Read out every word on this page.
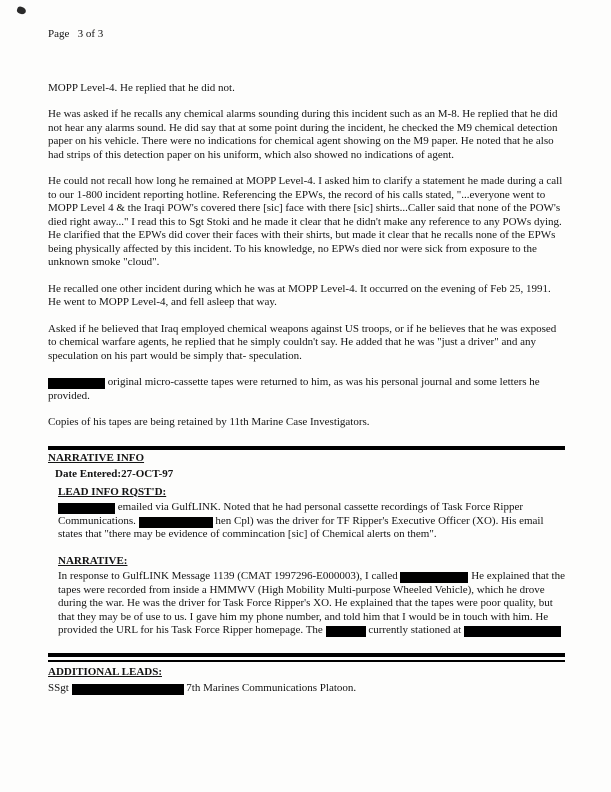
Page   3 of 3

MOPP Level-4. He replied that he did not.

He was asked if he recalls any chemical alarms sounding during this incident such as an M-8. He replied that he did not hear any alarms sound. He did say that at some point during the incident, he checked the M9 chemical detection paper on his vehicle. There were no indications for chemical agent showing on the M9 paper. He noted that he also had strips of this detection paper on his uniform, which also showed no indications of agent.

He could not recall how long he remained at MOPP Level-4. I asked him to clarify a statement he made during a call to our 1-800 incident reporting hotline. Referencing the EPWs, the record of his calls stated, "...everyone went to MOPP Level 4 & the Iraqi POW's covered there [sic] face with there [sic] shirts...Caller said that none of the POW's died right away..." I read this to Sgt Stoki and he made it clear that he didn't make any reference to any POWs dying. He clarified that the EPWs did cover their faces with their shirts, but made it clear that he recalls none of the EPWs being physically affected by this incident. To his knowledge, no EPWs died nor were sick from exposure to the unknown smoke "cloud".

He recalled one other incident during which he was at MOPP Level-4. It occurred on the evening of Feb 25, 1991. He went to MOPP Level-4, and fell asleep that way.

Asked if he believed that Iraq employed chemical weapons against US troops, or if he believes that he was exposed to chemical warfare agents, he replied that he simply couldn't say. He added that he was "just a driver" and any speculation on his part would be simply that- speculation.

original micro-cassette tapes were returned to him, as was his personal journal and some letters he provided.

Copies of his tapes are being retained by 11th Marine Case Investigators.

NARRATIVE INFO
Date Entered:27-OCT-97
LEAD INFO RQST'D:

emailed via GulfLINK. Noted that he had personal cassette recordings of Task Force Ripper Communications.	hen Cpl) was the driver for TF Ripper's Executive Officer (XO). His email states that "there may be evidence of commincation [sic] of Chemical alerts on them".

NARRATIVE:

In response to GulfLINK Message 1139 (CMAT 1997296-E000003), I called	He explained that the tapes were recorded from inside a HMMWV (High Mobility Multi-purpose Wheeled Vehicle), which he drove during the war. He was the driver for Task Force Ripper's XO. He explained that the tapes were poor quality, but that they may be of use to us. I gave him my phone number, and told him that I would be in touch with him. He provided the URL for his Task Force Ripper homepage. The	currently stationed at

ADDITIONAL LEADS:

SSgt	7th Marines Communications Platoon.
